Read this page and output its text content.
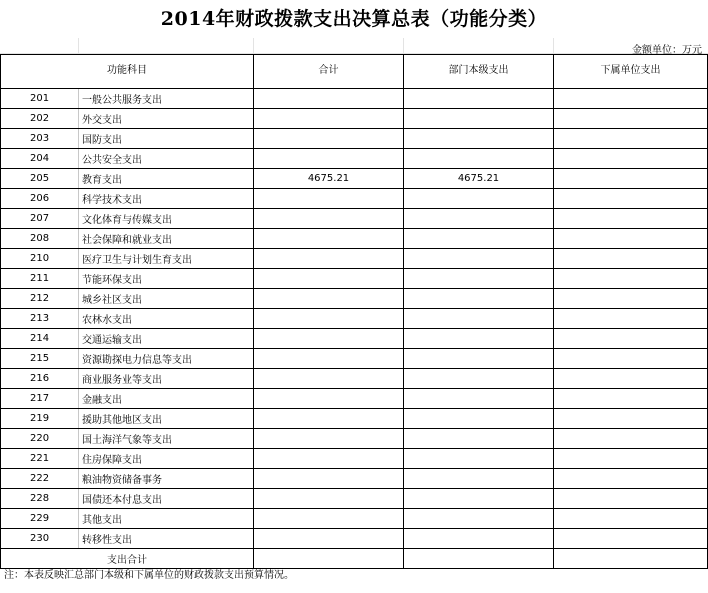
2014年财政拨款支出决算总表（功能分类）
金额单位：万元
功能科目		合计	部门本级支出	下属单位支出
201	一般公共服务支出			
202	外交支出			
203	国防支出			
204	公共安全支出			
205	教育支出	4675.21	4675.21	
206	科学技术支出			
207	文化体育与传媒支出			
208	社会保障和就业支出			
210	医疗卫生与计划生育支出			
211	节能环保支出			
212	城乡社区支出			
213	农林水支出			
214	交通运输支出			
215	资源勘探电力信息等支出			
216	商业服务业等支出			
217	金融支出			
219	援助其他地区支出			
220	国土海洋气象等支出			
221	住房保障支出			
222	粮油物资储备事务			
228	国债还本付息支出			
229	其他支出			
230	转移性支出			
支出合计				
注：本表反映汇总部门本级和下属单位的财政拨款支出预算情况。
